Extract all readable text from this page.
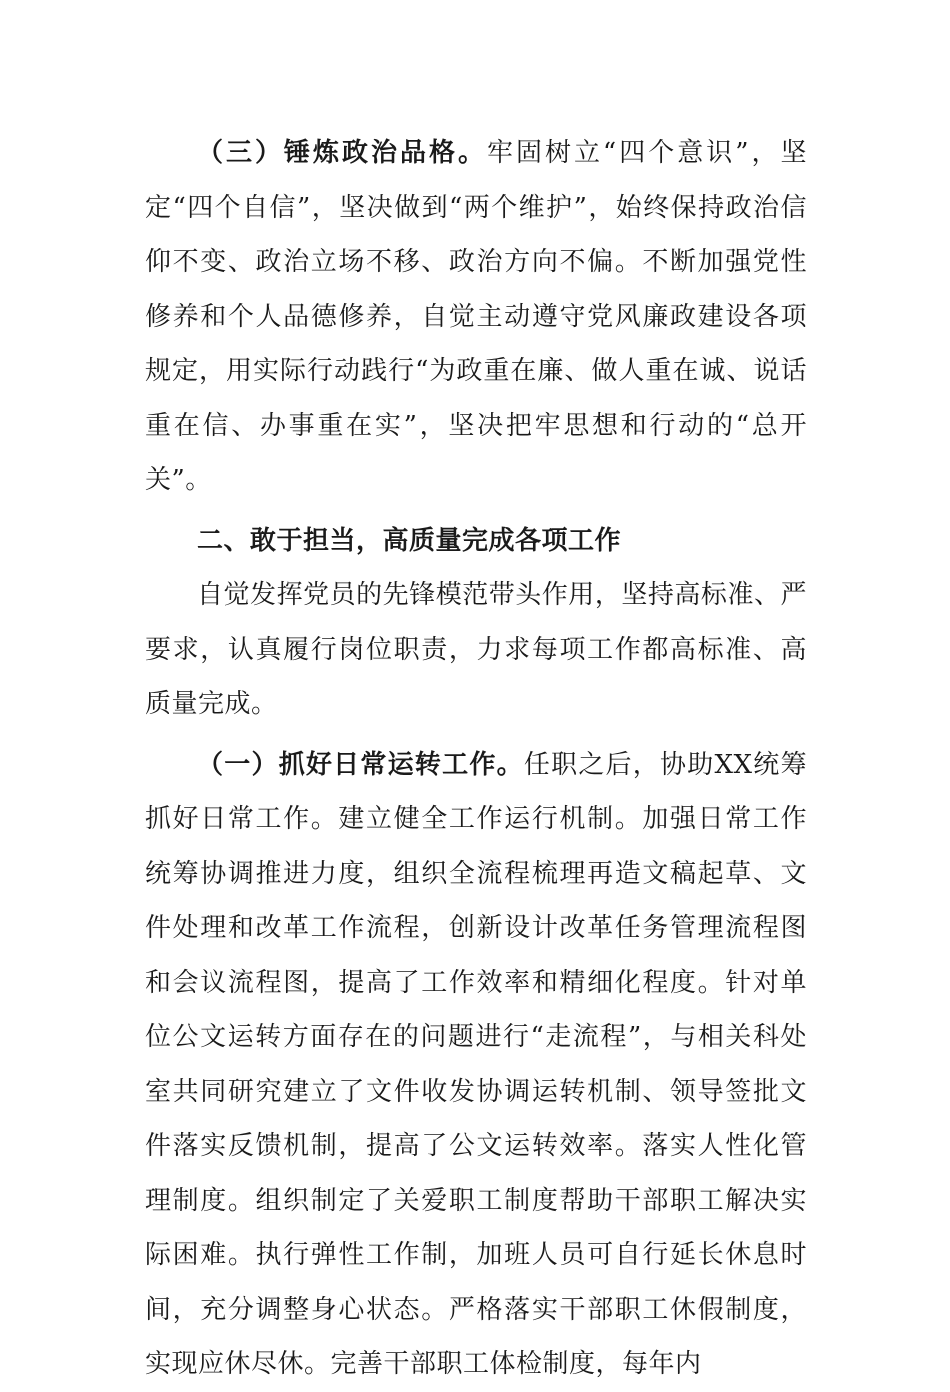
（三）锤炼政治品格。牢固树立“四个意识”，坚定“四个自信”，坚决做到“两个维护”，始终保持政治信仰不变、政治立场不移、政治方向不偏。不断加强党性修养和个人品德修养，自觉主动遵守党风廉政建设各项规定，用实际行动践行“为政重在廉、做人重在诚、说话重在信、办事重在实”，坚决把牢思想和行动的“总开关”。

二、敢于担当，高质量完成各项工作

自觉发挥党员的先锋模范带头作用，坚持高标准、严要求，认真履行岗位职责，力求每项工作都高标准、高质量完成。

（一）抓好日常运转工作。任职之后，协助XX统筹抓好日常工作。建立健全工作运行机制。加强日常工作统筹协调推进力度，组织全流程梳理再造文稿起草、文件处理和改革工作流程，创新设计改革任务管理流程图和会议流程图，提高了工作效率和精细化程度。针对单位公文运转方面存在的问题进行“走流程”，与相关科处室共同研究建立了文件收发协调运转机制、领导签批文件落实反馈机制，提高了公文运转效率。落实人性化管理制度。组织制定了关爱职工制度帮助干部职工解决实际困难。执行弹性工作制，加班人员可自行延长休息时间，充分调整身心状态。严格落实干部职工休假制度，实现应休尽休。完善干部职工体检制度，每年内
